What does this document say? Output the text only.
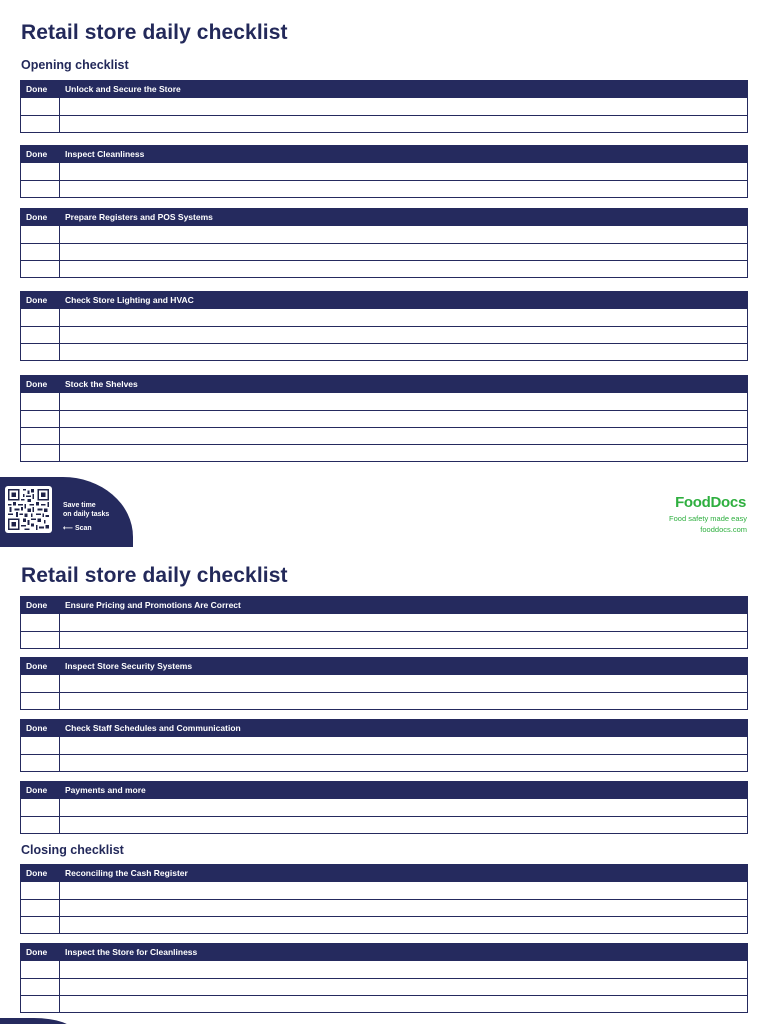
Retail store daily checklist
Opening checklist
Done	Unlock and Secure the Store

Done	Inspect Cleanliness

Done	Prepare Registers and POS Systems

Done	Check Store Lighting and HVAC

Done	Stock the Shelves

Save time
on daily tasks
⟵ Scan
FoodDocs
Food safety made easy
fooddocs.com
Retail store daily checklist
Done	Ensure Pricing and Promotions Are Correct

Done	Inspect Store Security Systems

Done	Check Staff Schedules and Communication

Done	Payments and more

Closing checklist
Done	Reconciling the Cash Register

Done	Inspect the Store for Cleanliness
